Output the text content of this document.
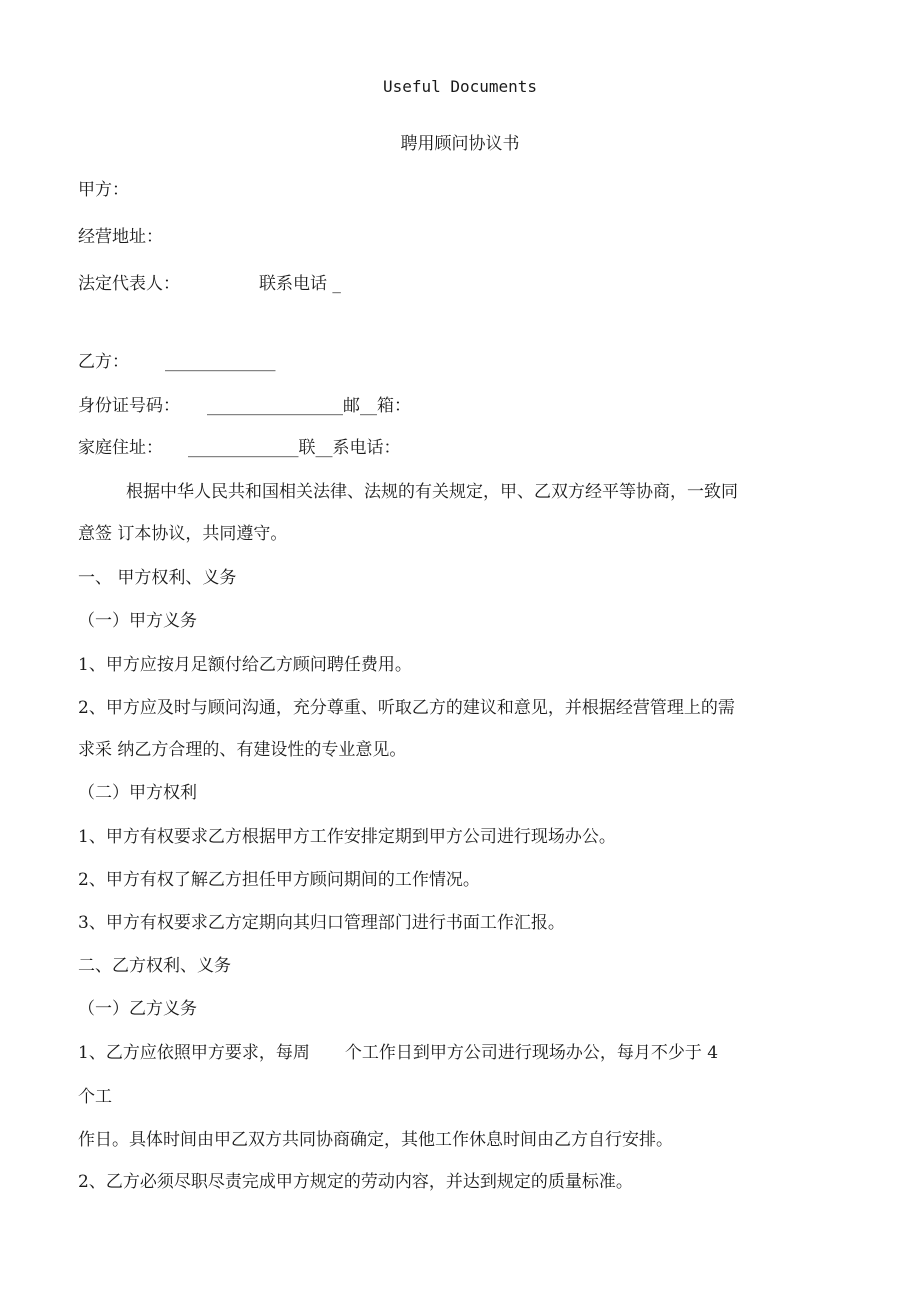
Useful Documents
聘用顾问协议书
甲方：
经营地址：
法定代表人：	联系电话 _
乙方： _____________
身份证号码： ________________邮__箱：
家庭住址： _____________联__系电话：
根据中华人民共和国相关法律、法规的有关规定，甲、乙双方经平等协商，一致同
意签 订本协议，共同遵守。
一、 甲方权利、义务
（一）甲方义务
1、甲方应按月足额付给乙方顾问聘任费用。
2、甲方应及时与顾问沟通，充分尊重、听取乙方的建议和意见，并根据经营管理上的需
求采 纳乙方合理的、有建设性的专业意见。
（二）甲方权利
1、甲方有权要求乙方根据甲方工作安排定期到甲方公司进行现场办公。
2、甲方有权了解乙方担任甲方顾问期间的工作情况。
3、甲方有权要求乙方定期向其归口管理部门进行书面工作汇报。
二、乙方权利、义务
（一）乙方义务
1、乙方应依照甲方要求，每周 个工作日到甲方公司进行现场办公，每月不少于 4
个工
作日。具体时间由甲乙双方共同协商确定，其他工作休息时间由乙方自行安排。
2、乙方必须尽职尽责完成甲方规定的劳动内容，并达到规定的质量标准。
